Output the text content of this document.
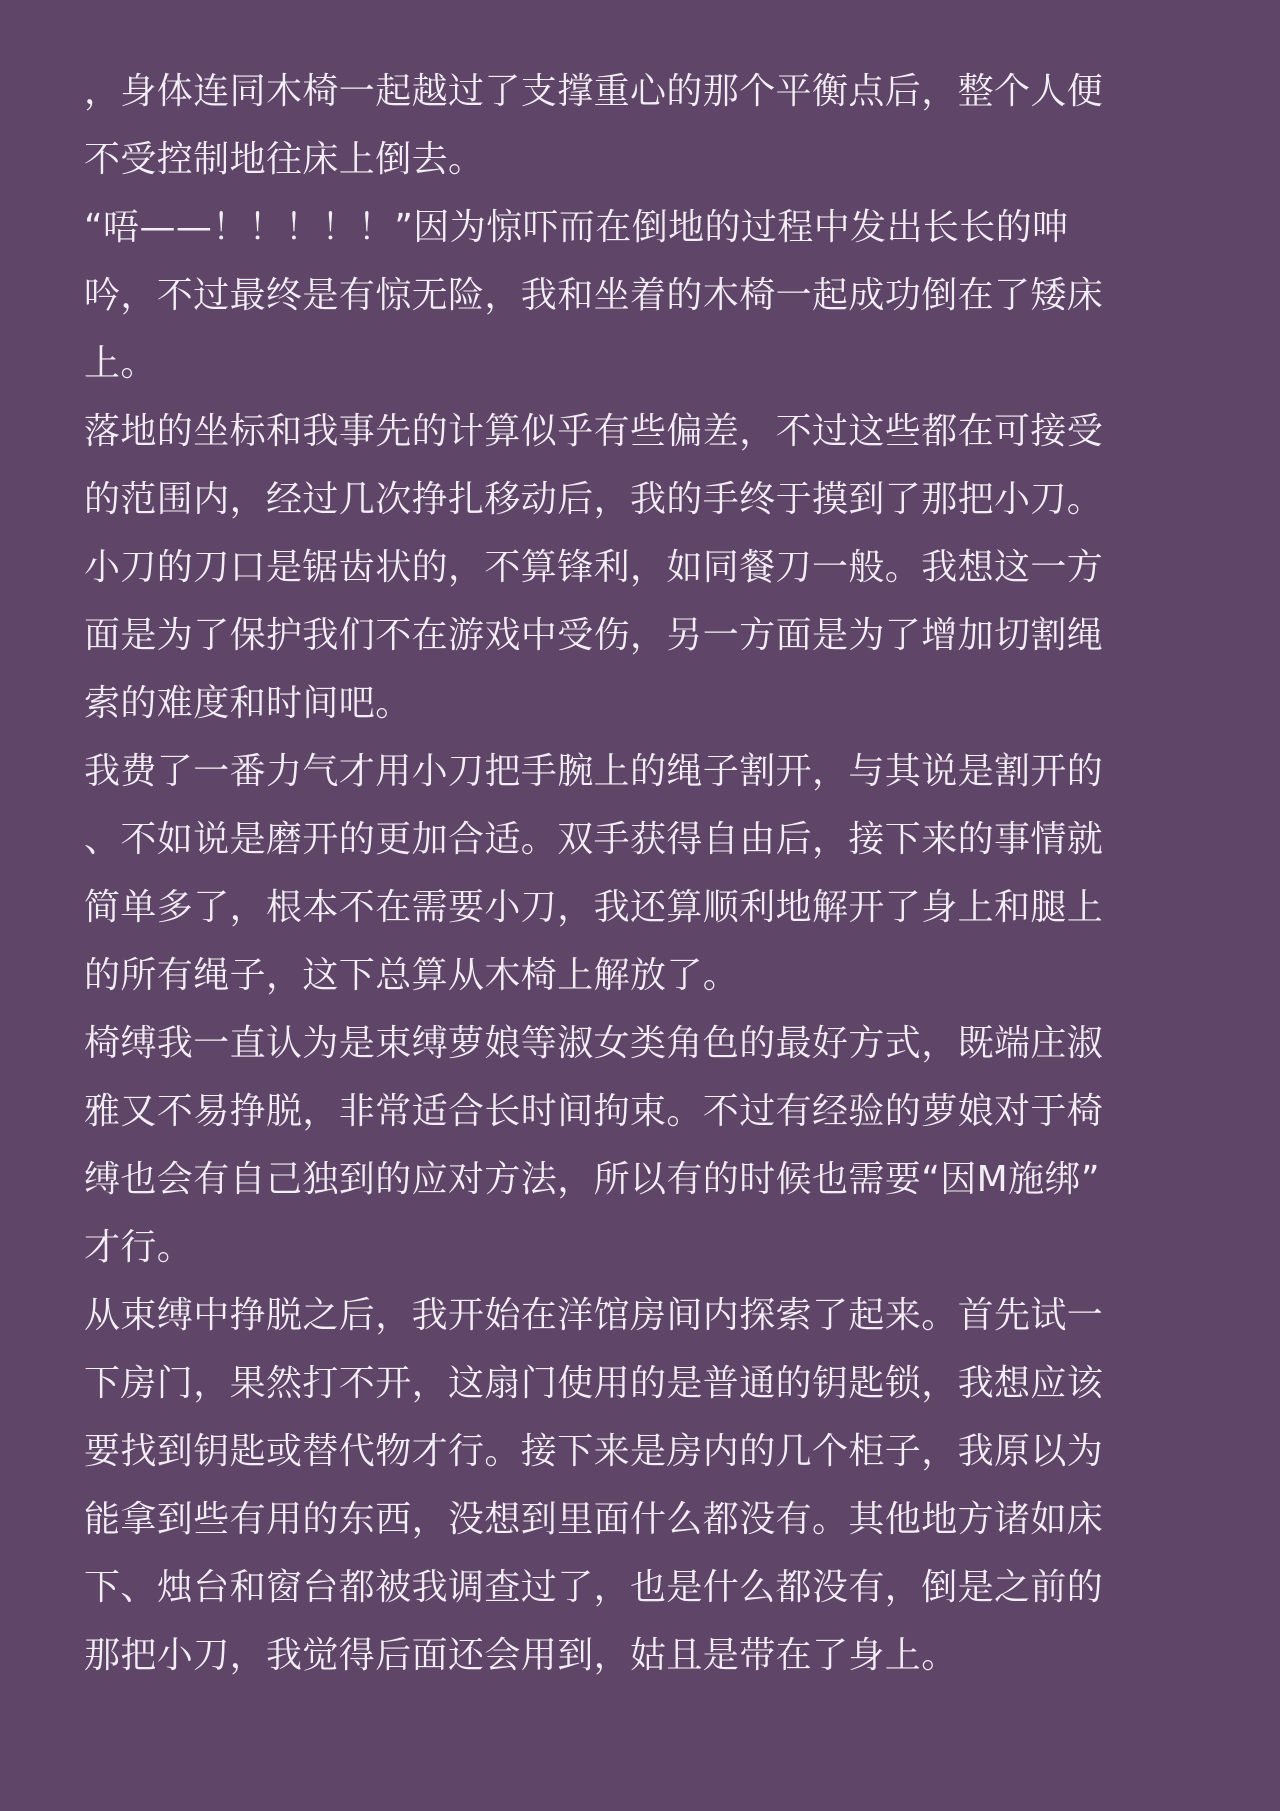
，身体连同木椅一起越过了支撑重心的那个平衡点后，整个人便
不受控制地往床上倒去。
“唔——！！！！！”因为惊吓而在倒地的过程中发出长长的呻
吟，不过最终是有惊无险，我和坐着的木椅一起成功倒在了矮床
上。
落地的坐标和我事先的计算似乎有些偏差，不过这些都在可接受
的范围内，经过几次挣扎移动后，我的手终于摸到了那把小刀。
小刀的刀口是锯齿状的，不算锋利，如同餐刀一般。我想这一方
面是为了保护我们不在游戏中受伤，另一方面是为了增加切割绳
索的难度和时间吧。
我费了一番力气才用小刀把手腕上的绳子割开，与其说是割开的
、不如说是磨开的更加合适。双手获得自由后，接下来的事情就
简单多了，根本不在需要小刀，我还算顺利地解开了身上和腿上
的所有绳子，这下总算从木椅上解放了。
椅缚我一直认为是束缚萝娘等淑女类角色的最好方式，既端庄淑
雅又不易挣脱，非常适合长时间拘束。不过有经验的萝娘对于椅
缚也会有自己独到的应对方法，所以有的时候也需要“因M施绑”
才行。
从束缚中挣脱之后，我开始在洋馆房间内探索了起来。首先试一
下房门，果然打不开，这扇门使用的是普通的钥匙锁，我想应该
要找到钥匙或替代物才行。接下来是房内的几个柜子，我原以为
能拿到些有用的东西，没想到里面什么都没有。其他地方诸如床
下、烛台和窗台都被我调查过了，也是什么都没有，倒是之前的
那把小刀，我觉得后面还会用到，姑且是带在了身上。
